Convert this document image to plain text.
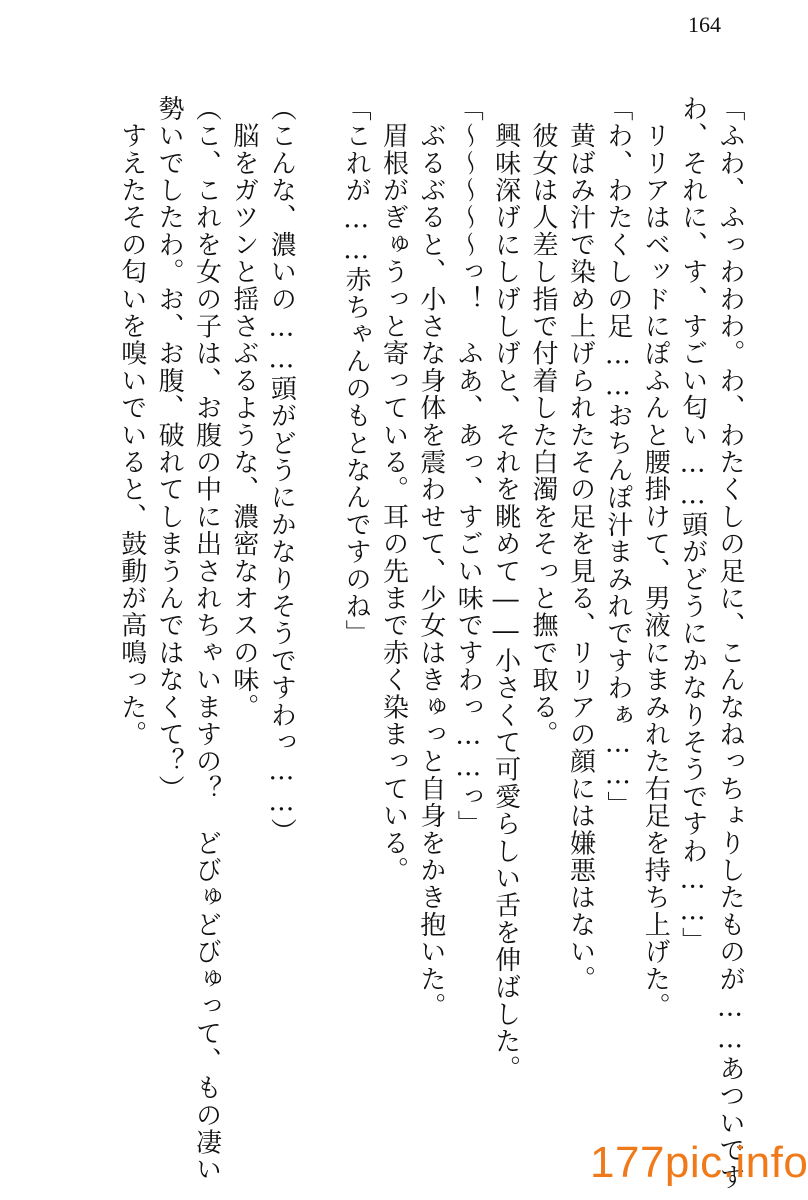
164
「ふわ、ふっわわわ。わ、わたくしの足に、こんなねっちょりしたものが……あついです
わ、それに、す、すごい匂い……頭がどうにかなりそうですわ……」
　リリアはベッドにぽふんと腰掛けて、男液にまみれた右足を持ち上げた。
「わ、わたくしの足……おちんぽ汁まみれですわぁ……」
　黄ばみ汁で染め上げられたその足を見る、リリアの顔には嫌悪はない。
　彼女は人差し指で付着した白濁をそっと撫で取る。
　興味深げにしげしげと、それを眺めて――小さくて可愛らしい舌を伸ばした。
「〜〜〜〜〜っ！　ふあ、あっ、すごい味ですわっ……っ」
　ぶるぶると、小さな身体を震わせて、少女はきゅっと自身をかき抱いた。
　眉根がぎゅうっと寄っている。耳の先まで赤く染まっている。
「これが……赤ちゃんのもとなんですのね」
（こんな、濃いの……頭がどうにかなりそうですわっ……）
　脳をガツンと揺さぶるような、濃密なオスの味。
（こ、これを女の子は、お腹の中に出されちゃいますの？　どびゅどびゅって、もの凄い
勢いでしたわ。お、お腹、破れてしまうんではなくて？）
　すえたその匂いを嗅いでいると、鼓動が高鳴った。
177pic.info
